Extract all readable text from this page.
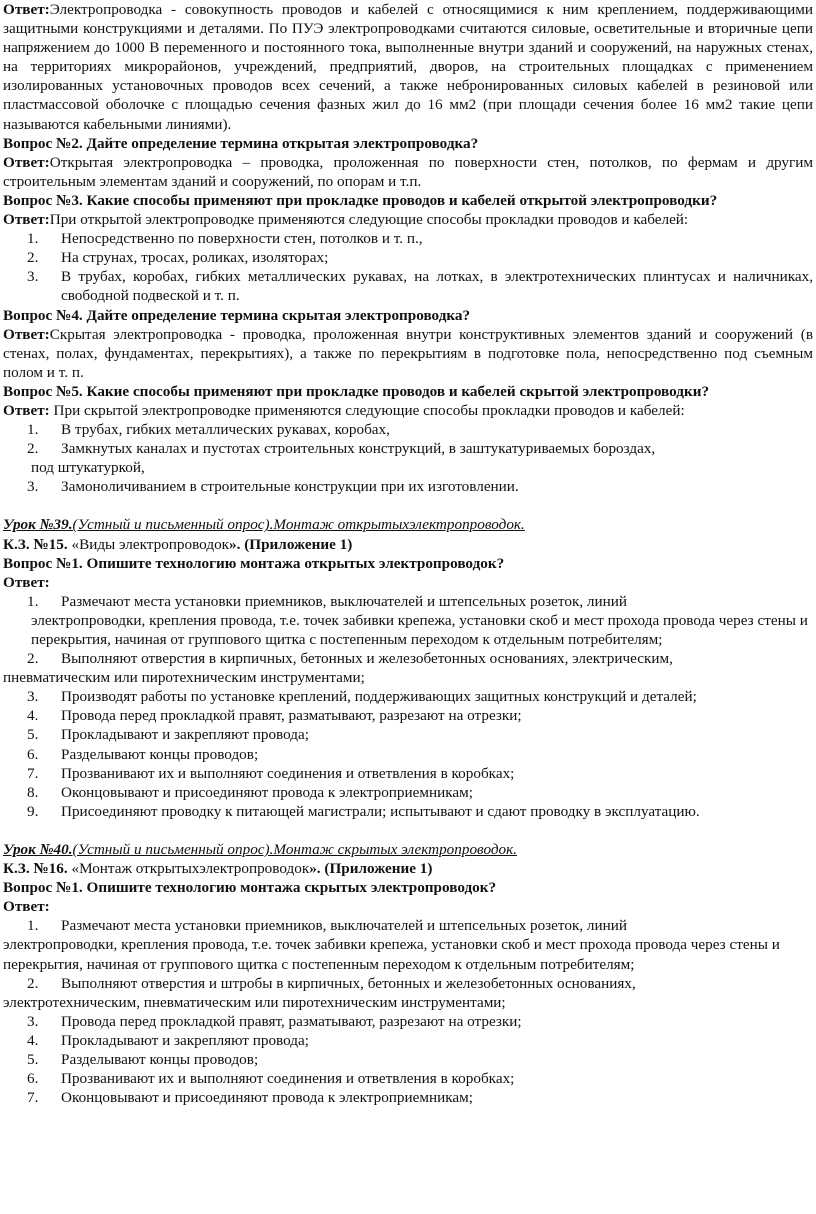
Ответ:Электропроводка - совокупность проводов и кабелей с относящимися к ним креплением, поддерживающими защитными конструкциями и деталями. По ПУЭ электропроводками считаются силовые, осветительные и вторичные цепи напряжением до 1000 В переменного и постоянного тока, выполненные внутри зданий и сооружений, на наружных стенах, на территориях микрорайонов, учреждений, предприятий, дворов, на строительных площадках с применением изолированных установочных проводов всех сечений, а также небронированных силовых кабелей в резиновой или пластмассовой оболочке с площадью сечения фазных жил до 16 мм2 (при площади сечения более 16 мм2 такие цепи называются кабельными линиями).

Вопрос №2. Дайте определение термина открытая электропроводка?

Ответ:Открытая электропроводка – проводка, проложенная по поверхности стен, потолков, по фермам и другим строительным элементам зданий и сооружений, по опорам и т.п.

Вопрос №3. Какие способы применяют при прокладке проводов и кабелей открытой электропроводки?

Ответ:При открытой электропроводке применяются следующие способы прокладки проводов и кабелей:

1.	Непосредственно по поверхности стен, потолков и т. п.,
2.	На струнах, тросах, роликах, изоляторах;
3.	В трубах, коробах, гибких металлических рукавах, на лотках, в электротехнических плинтусах и наличниках, свободной подвеской и т. п.

Вопрос №4. Дайте определение термина скрытая электропроводка?

Ответ:Скрытая электропроводка - проводка, проложенная внутри конструктивных элементов зданий и сооружений (в стенах, полах, фундаментах, перекрытиях), а также по перекрытиям в подготовке пола, непосредственно под съемным полом и т. п.

Вопрос №5. Какие способы применяют при прокладке проводов и кабелей скрытой электропроводки?

Ответ: При скрытой электропроводке применяются следующие способы прокладки проводов и кабелей:

1.	В трубах, гибких металлических рукавах, коробах,
2.	Замкнутых каналах и пустотах строительных конструкций, в заштукатуриваемых бороздах,

под штукатуркой,

3.	Замоноличиванием в строительные конструкции при их изготовлении.

Урок №39.(Устный и письменный опрос).Монтаж открытыхэлектропроводок.

К.З. №15. «Виды электропроводок». (Приложение 1)

Вопрос №1. Опишите технологию монтажа открытых электропроводок?

Ответ:

1.	Размечают места установки приемников, выключателей и штепсельных розеток, линий

электропроводки, крепления провода, т.е. точек забивки крепежа, установки скоб и мест прохода провода через стены и перекрытия, начиная от группового щитка с постепенным переходом к отдельным потребителям;

2.	Выполняют отверстия в кирпичных, бетонных и железобетонных основаниях, электрическим,

пневматическим или пиротехническим инструментами;

3.	Производят работы по установке креплений, поддерживающих защитных конструкций и деталей;
4.	Провода перед прокладкой правят, разматывают, разрезают на отрезки;
5.	Прокладывают и закрепляют провода;
6.	Разделывают концы проводов;
7.	Прозванивают их и выполняют соединения и ответвления в коробках;
8.	Оконцовывают и присоединяют провода к электроприемникам;
9.	Присоединяют проводку к питающей магистрали; испытывают и сдают проводку в эксплуатацию.

Урок №40.(Устный и письменный опрос).Монтаж скрытых электропроводок.

К.З. №16. «Монтаж открытыхэлектропроводок». (Приложение 1)

Вопрос №1. Опишите технологию монтажа скрытых электропроводок?

Ответ:

1.	Размечают места установки приемников, выключателей и штепсельных розеток, линий

электропроводки, крепления провода, т.е. точек забивки крепежа, установки скоб и мест прохода провода через стены и перекрытия, начиная от группового щитка с постепенным переходом к отдельным потребителям;

2.	Выполняют отверстия и штробы в кирпичных, бетонных и железобетонных основаниях,

электротехническим, пневматическим или пиротехническим инструментами;

3.	Провода перед прокладкой правят, разматывают, разрезают на отрезки;
4.	Прокладывают и закрепляют провода;
5.	Разделывают концы проводов;
6.	Прозванивают их и выполняют соединения и ответвления в коробках;
7.	Оконцовывают и присоединяют провода к электроприемникам;
